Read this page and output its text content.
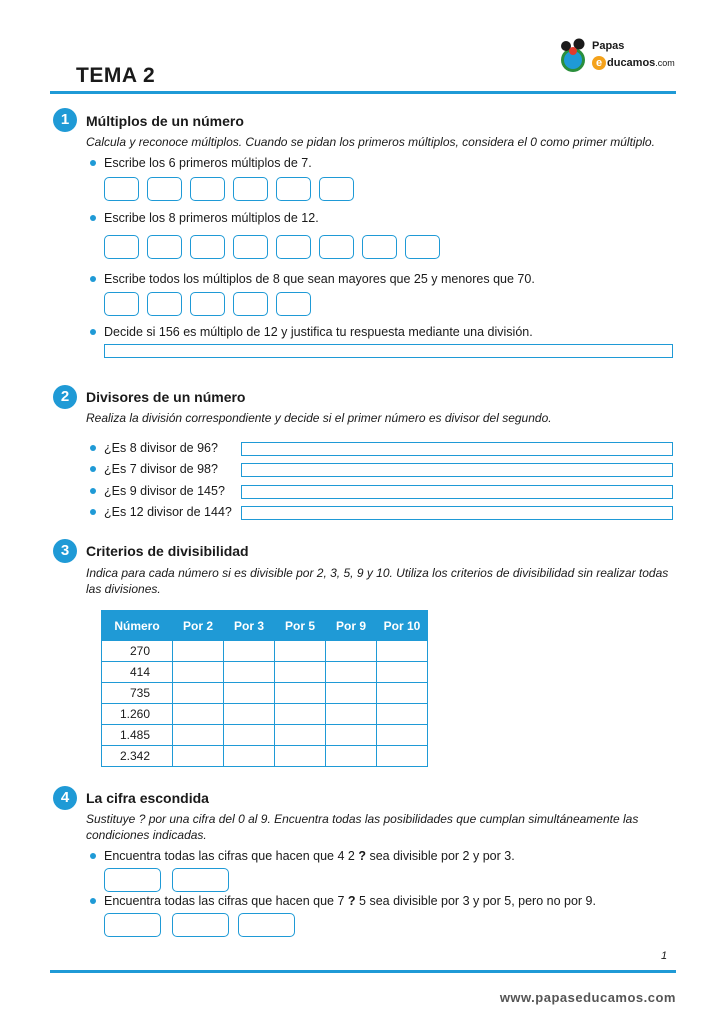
TEMA 2
Papas
e ducamos.com
1	Múltiplos de un número
Calcula y reconoce múltiplos. Cuando se pidan los primeros múltiplos, considera el 0 como primer múltiplo.
Escribe los 6 primeros múltiplos de 7.
Escribe los 8 primeros múltiplos de 12.
Escribe todos los múltiplos de 8 que sean mayores que 25 y menores que 70.
Decide si 156 es múltiplo de 12 y justifica tu respuesta mediante una división.
2	Divisores de un número
Realiza la división correspondiente y decide si el primer número es divisor del segundo.
¿Es 8 divisor de 96?
¿Es 7 divisor de 98?
¿Es 9 divisor de 145?
¿Es 12 divisor de 144?
3	Criterios de divisibilidad
Indica para cada número si es divisible por 2, 3, 5, 9 y 10. Utiliza los criterios de divisibilidad sin realizar todas las divisiones.
Número	Por 2	Por 3	Por 5	Por 9	Por 10
270					
414					
735					
1.260					
1.485					
2.342					
4	La cifra escondida
Sustituye ? por una cifra del 0 al 9. Encuentra todas las posibilidades que cumplan simultáneamente las condiciones indicadas.
Encuentra todas las cifras que hacen que 4 2 ? sea divisible por 2 y por 3.
Encuentra todas las cifras que hacen que 7 ? 5 sea divisible por 3 y por 5, pero no por 9.
1
www.papaseducamos.com
